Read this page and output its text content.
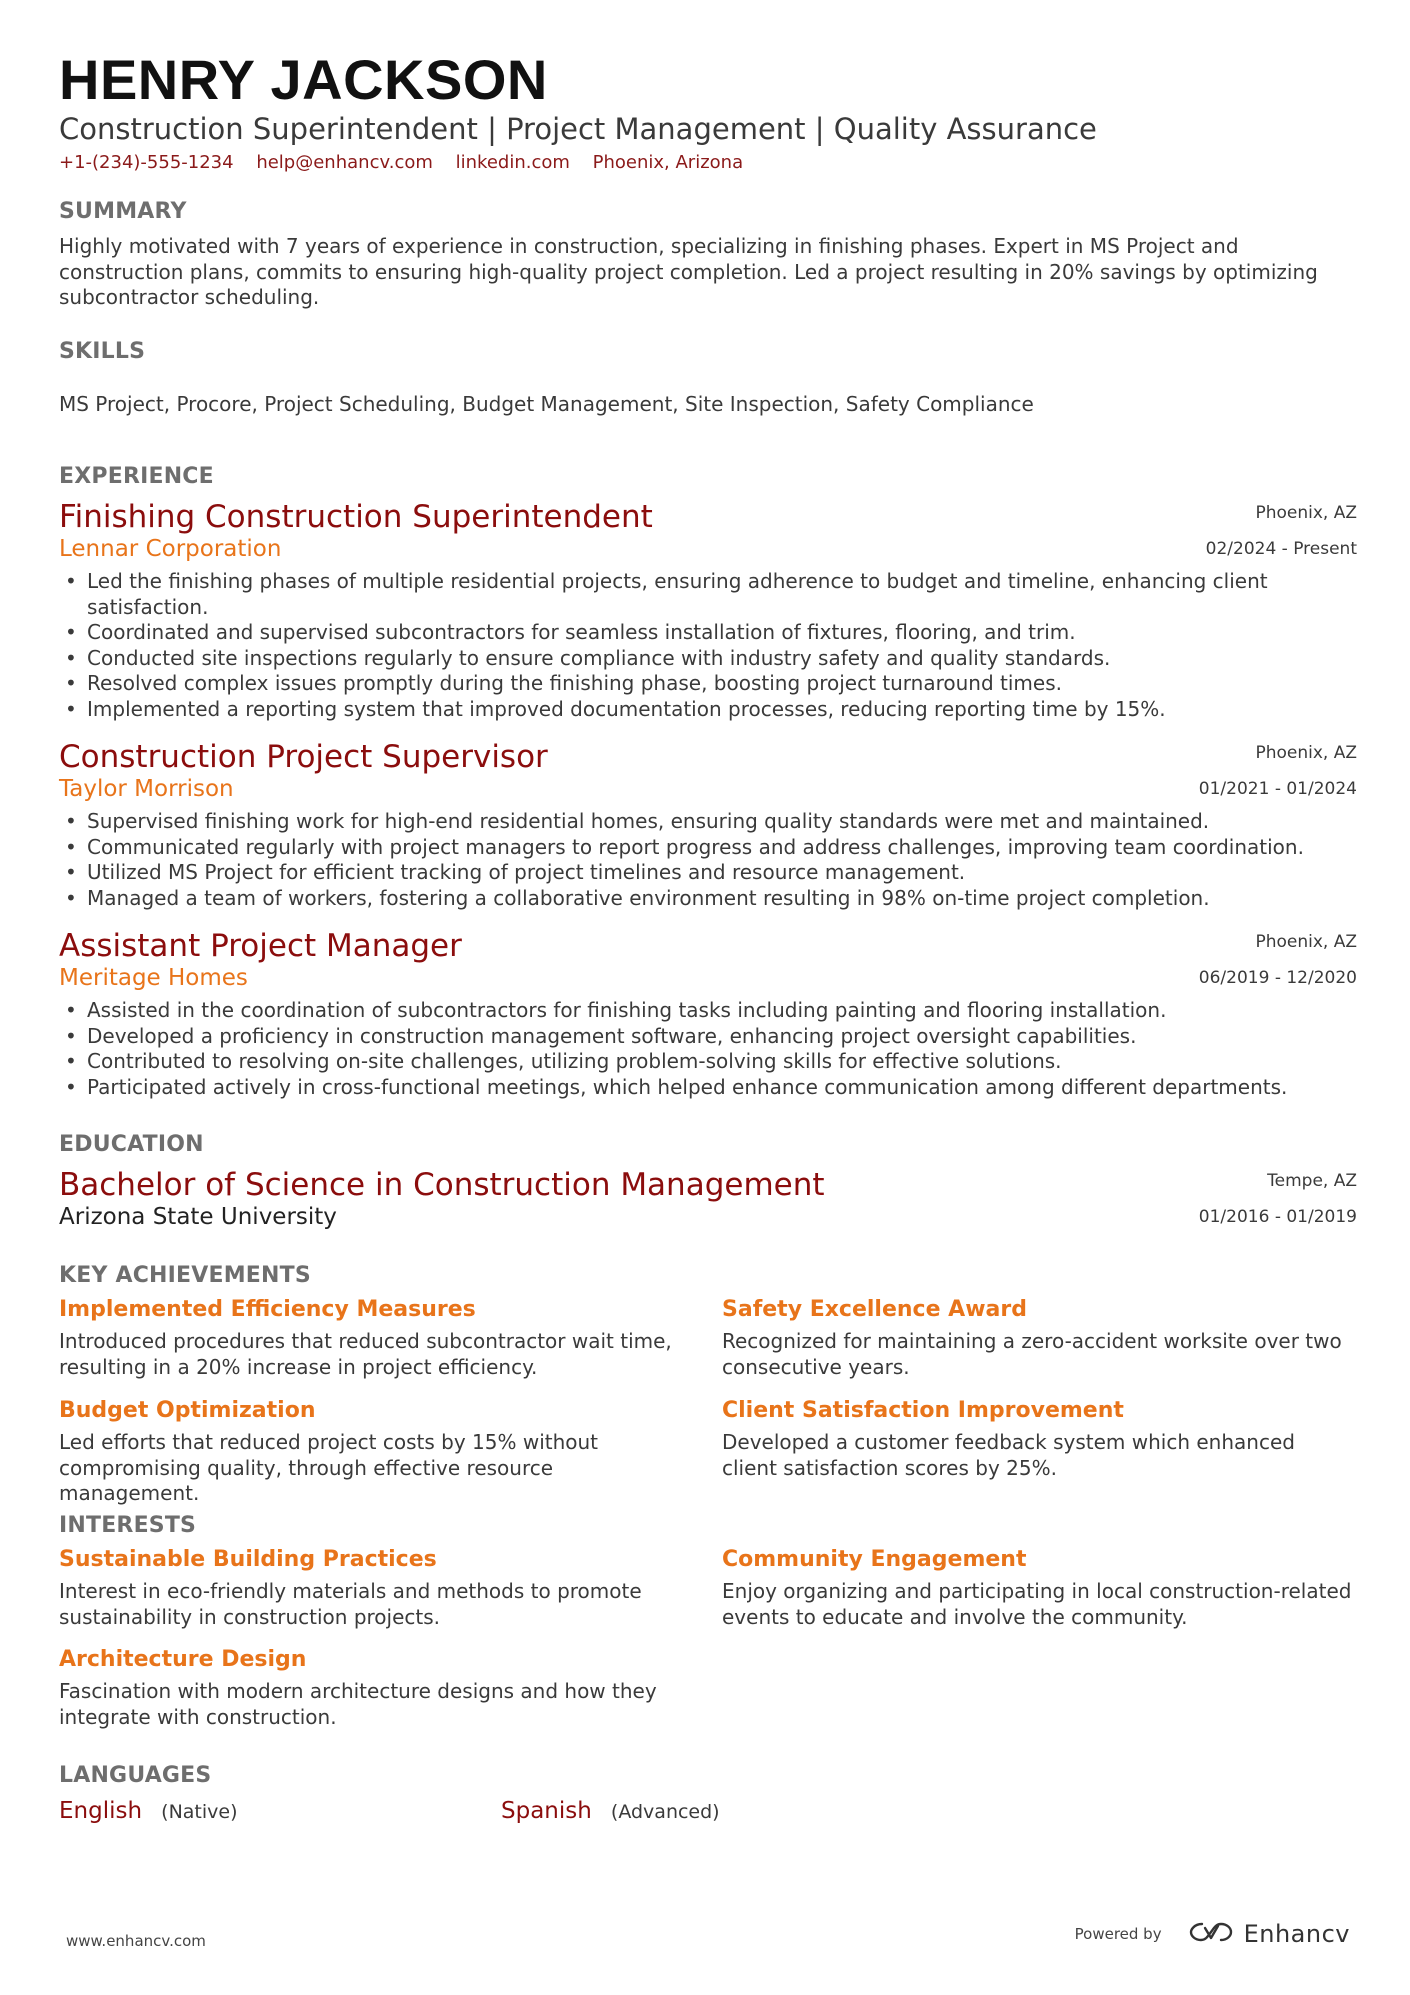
HENRY JACKSON
Construction Superintendent | Project Management | Quality Assurance
+1-(234)-555-1234 help@enhancv.com linkedin.com Phoenix, Arizona
SUMMARY
Highly motivated with 7 years of experience in construction, specializing in finishing phases. Expert in MS Project and construction plans, commits to ensuring high-quality project completion. Led a project resulting in 20% savings by optimizing subcontractor scheduling.
SKILLS
MS Project, Procore, Project Scheduling, Budget Management, Site Inspection, Safety Compliance
EXPERIENCE
Finishing Construction Superintendent
Lennar Corporation
Phoenix, AZ
02/2024 - Present
• Led the finishing phases of multiple residential projects, ensuring adherence to budget and timeline, enhancing client satisfaction.
• Coordinated and supervised subcontractors for seamless installation of fixtures, flooring, and trim.
• Conducted site inspections regularly to ensure compliance with industry safety and quality standards.
• Resolved complex issues promptly during the finishing phase, boosting project turnaround times.
• Implemented a reporting system that improved documentation processes, reducing reporting time by 15%.
Construction Project Supervisor
Taylor Morrison
Phoenix, AZ
01/2021 - 01/2024
• Supervised finishing work for high-end residential homes, ensuring quality standards were met and maintained.
• Communicated regularly with project managers to report progress and address challenges, improving team coordination.
• Utilized MS Project for efficient tracking of project timelines and resource management.
• Managed a team of workers, fostering a collaborative environment resulting in 98% on-time project completion.
Assistant Project Manager
Meritage Homes
Phoenix, AZ
06/2019 - 12/2020
• Assisted in the coordination of subcontractors for finishing tasks including painting and flooring installation.
• Developed a proficiency in construction management software, enhancing project oversight capabilities.
• Contributed to resolving on-site challenges, utilizing problem-solving skills for effective solutions.
• Participated actively in cross-functional meetings, which helped enhance communication among different departments.
EDUCATION
Bachelor of Science in Construction Management
Arizona State University
Tempe, AZ
01/2016 - 01/2019
KEY ACHIEVEMENTS
Implemented Efficiency Measures
Introduced procedures that reduced subcontractor wait time, resulting in a 20% increase in project efficiency.
Safety Excellence Award
Recognized for maintaining a zero-accident worksite over two consecutive years.
Budget Optimization
Led efforts that reduced project costs by 15% without compromising quality, through effective resource management.
Client Satisfaction Improvement
Developed a customer feedback system which enhanced client satisfaction scores by 25%.
INTERESTS
Sustainable Building Practices
Interest in eco-friendly materials and methods to promote sustainability in construction projects.
Community Engagement
Enjoy organizing and participating in local construction-related events to educate and involve the community.
Architecture Design
Fascination with modern architecture designs and how they integrate with construction.
LANGUAGES
English (Native)	Spanish (Advanced)
www.enhancv.com	Powered by	Enhancv
